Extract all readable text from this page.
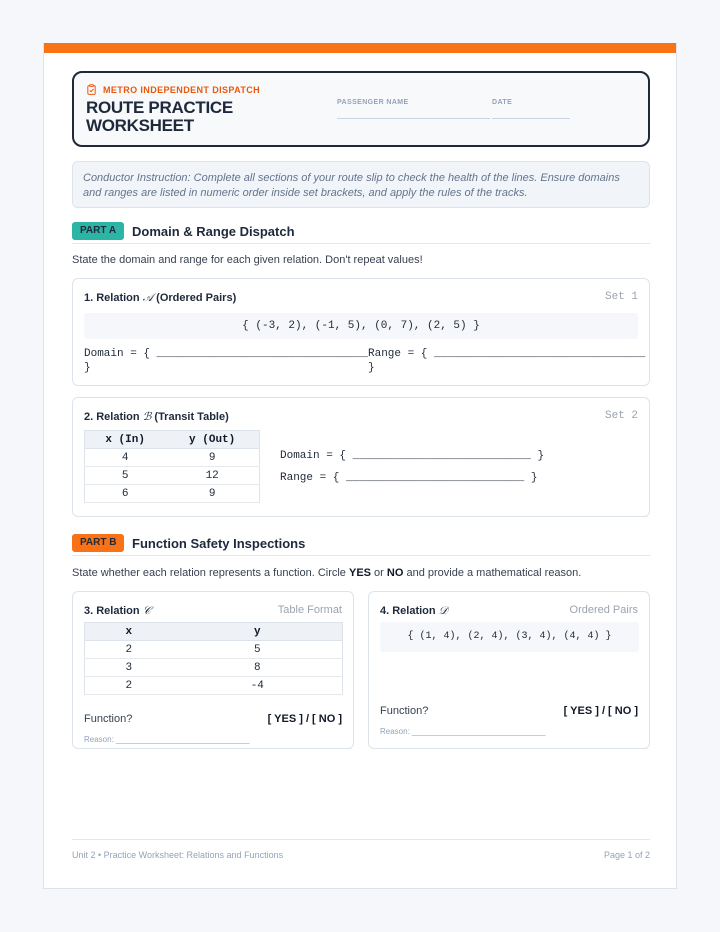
METRO INDEPENDENT DISPATCH
ROUTE PRACTICE
WORKSHEET
PASSENGER NAME	DATE
Conductor Instruction: Complete all sections of your route slip to check the health of the lines. Ensure domains and ranges are listed in numeric order inside set brackets, and apply the rules of the tracks.
PART A	Domain & Range Dispatch
State the domain and range for each given relation. Don't repeat values!
1. Relation 𝒜 (Ordered Pairs)	Set 1
{ (-3, 2), (-1, 5), (0, 7), (2, 5) }
Domain = { ________________________________
}
Range = { ________________________________
}
2. Relation ℬ (Transit Table)	Set 2
x (In)	y (Out)
4	9
5	12
6	9
Domain = { ___________________________ }
Range = { ___________________________ }
PART B	Function Safety Inspections
State whether each relation represents a function. Circle YES or NO and provide a mathematical reason.
3. Relation 𝒞	Table Format
x	y
2	5
3	8
2	-4
Function?	[ YES ] / [ NO ]
Reason: ______________________________
4. Relation 𝒟	Ordered Pairs
{ (1, 4), (2, 4), (3, 4), (4, 4) }
Function?	[ YES ] / [ NO ]
Reason: ______________________________
Unit 2 • Practice Worksheet: Relations and Functions	Page 1 of 2
